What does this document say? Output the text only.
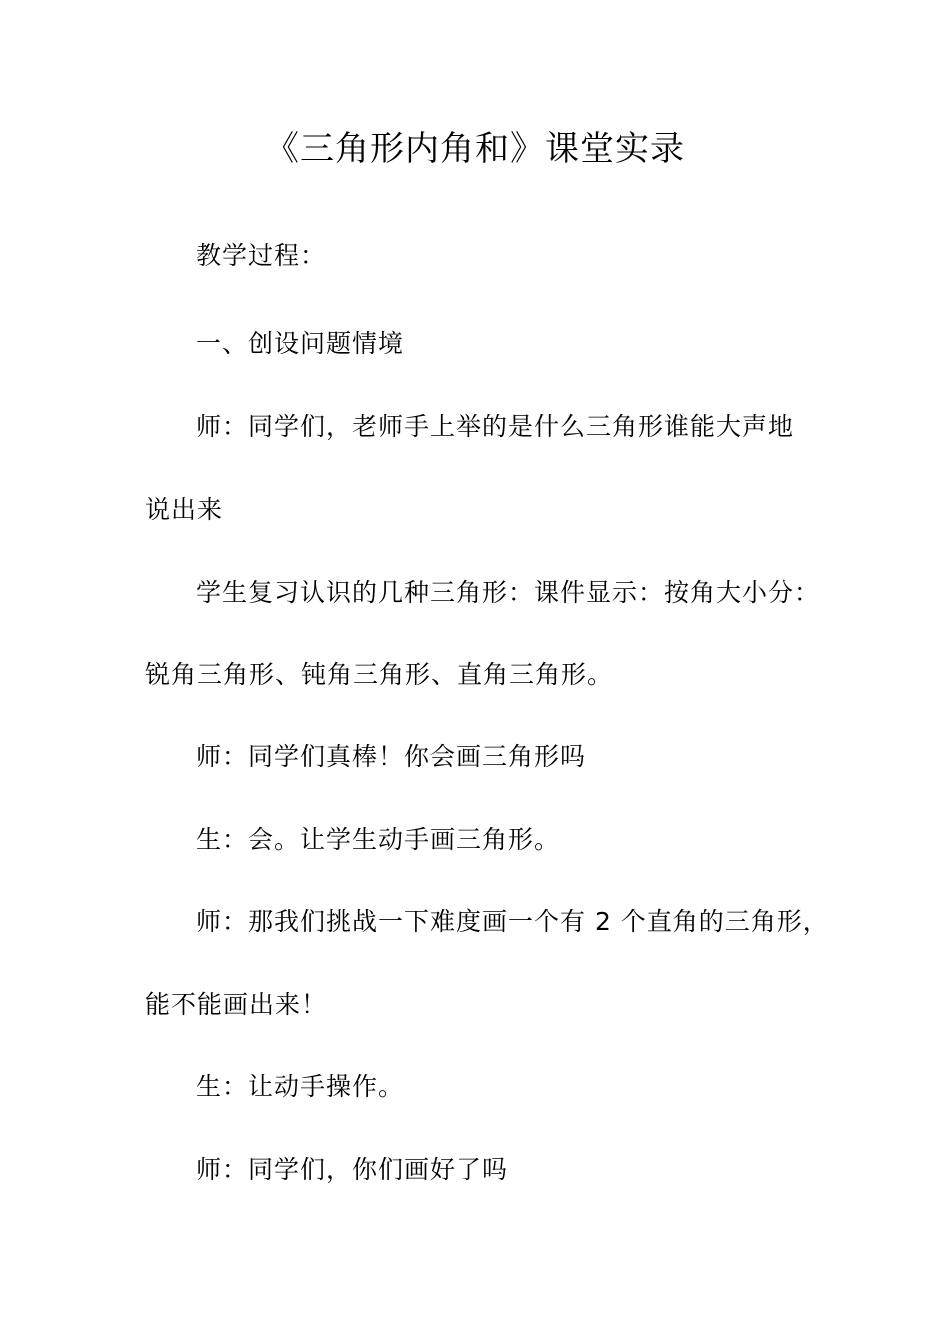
《三角形内角和》课堂实录

教学过程：

一、创设问题情境

师：同学们，老师手上举的是什么三角形谁能大声地

说出来

学生复习认识的几种三角形：课件显示：按角大小分：

锐角三角形、钝角三角形、直角三角形。

师：同学们真棒！你会画三角形吗

生：会。让学生动手画三角形。

师：那我们挑战一下难度画一个有 2 个直角的三角形，

能不能画出来！

生：让动手操作。

师：同学们，你们画好了吗
